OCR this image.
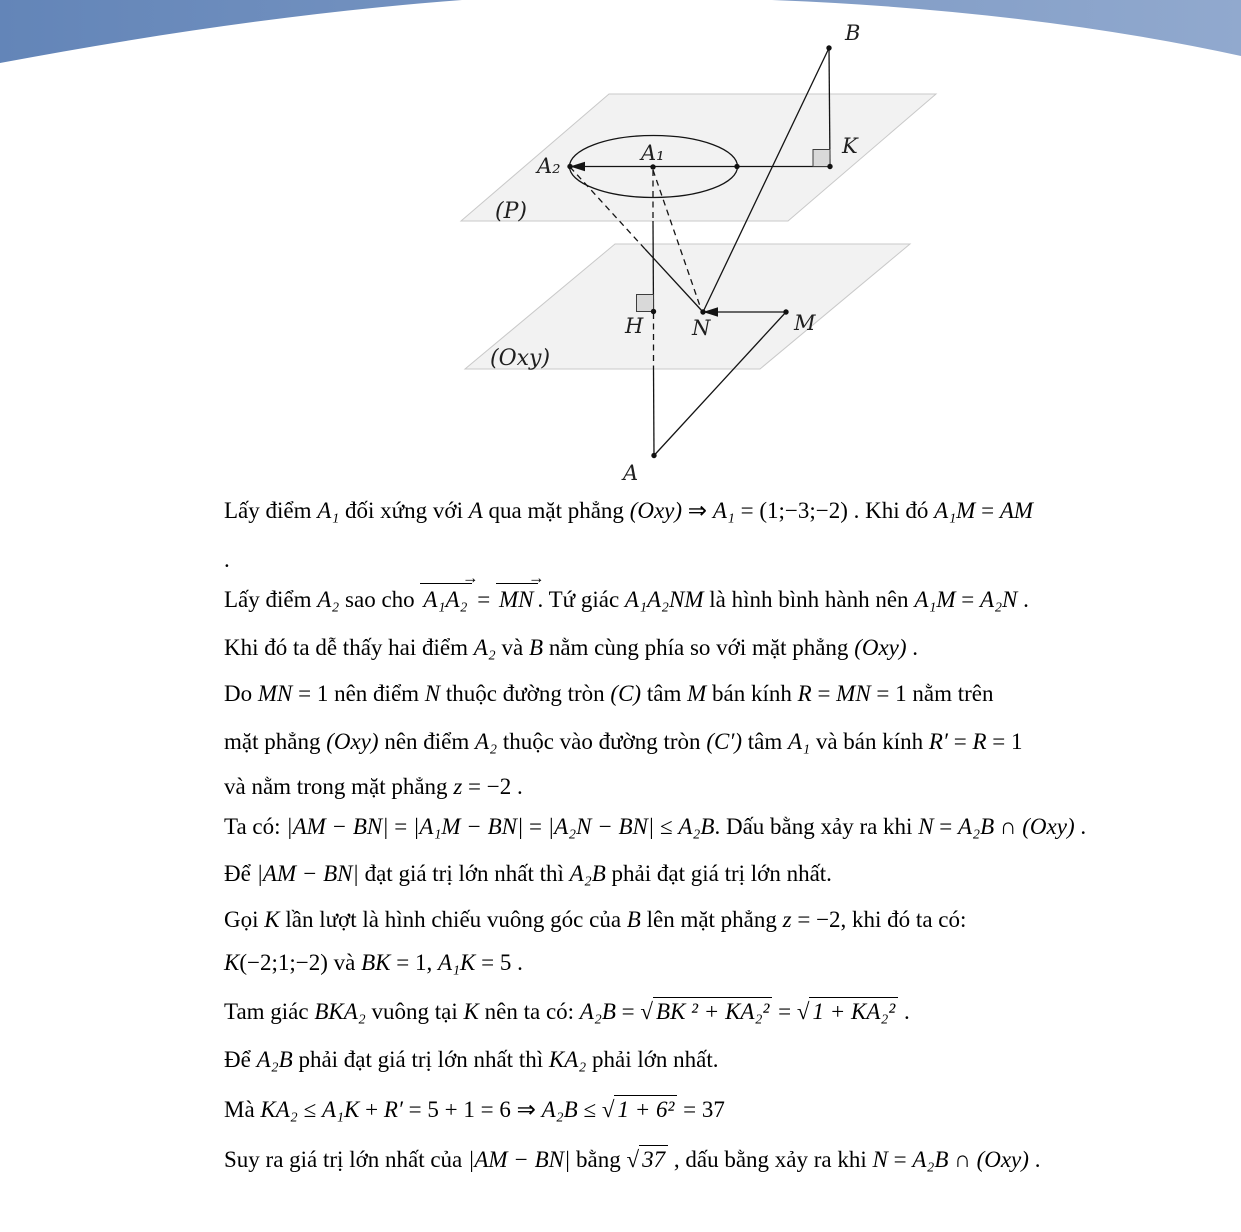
B
K
A₁
A₂
(P)
(Oxy)
H N	M
A
Lấy điểm A₁ đối xứng với A qua mặt phẳng (Oxy) ⇒ A₁ = (1;−3;−2) . Khi đó A₁M = AM
.
Lấy điểm A₂ sao cho A₁A₂
→
= MN
→
. Tứ giác A₁A₂NM là hình bình hành nên A₁M = A₂N .
Khi đó ta dễ thấy hai điểm A₂ và B nằm cùng phía so với mặt phẳng (Oxy) .
Do MN = 1 nên điểm N thuộc đường tròn (C) tâm M bán kính R = MN = 1 nằm trên
mặt phẳng (Oxy) nên điểm A₂ thuộc vào đường tròn (C′) tâm A₁ và bán kính R′ = R = 1
và nằm trong mặt phẳng z = −2 .
Ta có: |AM − BN| = |A₁M − BN| = |A₂N − BN| ≤ A₂B. Dấu bằng xảy ra khi N = A₂B ∩ (Oxy) .
Để |AM − BN| đạt giá trị lớn nhất thì A₂B phải đạt giá trị lớn nhất.
Gọi K lần lượt là hình chiếu vuông góc của B lên mặt phẳng z = −2, khi đó ta có:
K(−2;1;−2) và BK = 1, A₁K = 5 .
Tam giác BKA₂ vuông tại K nên ta có: A₂B = √ BK ² + KA₂² = √ 1 + KA₂² .
Để A₂B phải đạt giá trị lớn nhất thì KA₂ phải lớn nhất.
Mà KA₂ ≤ A₁K + R′ = 5 + 1 = 6 ⇒ A₂B ≤ √ 1 + 6² = 37
Suy ra giá trị lớn nhất của |AM − BN| bằng √ 37 , dấu bằng xảy ra khi N = A₂B ∩ (Oxy) .
